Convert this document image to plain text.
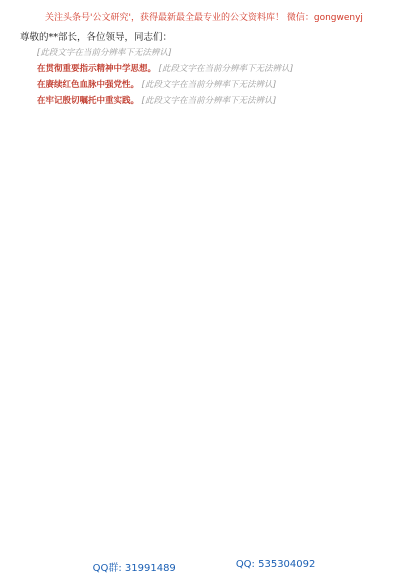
关注头条号'公文研究'，获得最新最全最专业的公文资料库！ 微信：gongwenyj
尊敬的**部长，各位领导，同志们：

[此段文字在当前分辨率下无法辨认]

在贯彻重要指示精神中学思想。 [此段文字在当前分辨率下无法辨认]

在赓续红色血脉中强党性。 [此段文字在当前分辨率下无法辨认]

在牢记殷切嘱托中重实践。 [此段文字在当前分辨率下无法辨认]

QQ群: 31991489	QQ: 535304092
